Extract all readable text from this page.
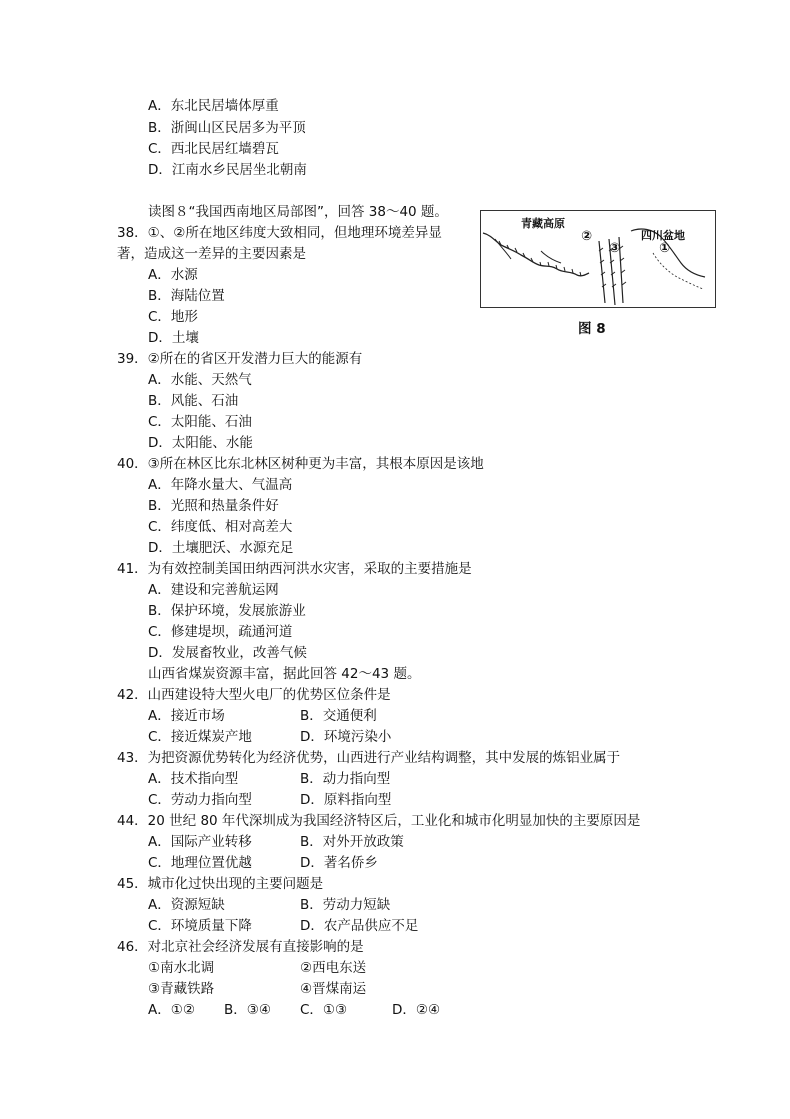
A．东北民居墙体厚重
B．浙闽山区民居多为平顶
C．西北民居红墙碧瓦
D．江南水乡民居坐北朝南
读图８“我国西南地区局部图”，回答 38～40 题。
青藏高原
②
③
四川盆地
①
图 8
38．①、②所在地区纬度大致相同，但地理环境差异显
著，造成这一差异的主要因素是
A．水源
B．海陆位置
C．地形
D．土壤
39．②所在的省区开发潜力巨大的能源有
A．水能、天然气
B．风能、石油
C．太阳能、石油
D．太阳能、水能
40．③所在林区比东北林区树种更为丰富，其根本原因是该地
A．年降水量大、气温高
B．光照和热量条件好
C．纬度低、相对高差大
D．土壤肥沃、水源充足
41．为有效控制美国田纳西河洪水灾害，采取的主要措施是
A．建设和完善航运网
B．保护环境，发展旅游业
C．修建堤坝，疏通河道
D．发展畜牧业，改善气候
山西省煤炭资源丰富，据此回答 42～43 题。
42．山西建设特大型火电厂的优势区位条件是
A．接近市场	B．交通便利
C．接近煤炭产地	D．环境污染小
43．为把资源优势转化为经济优势，山西进行产业结构调整，其中发展的炼铝业属于
A．技术指向型	B．动力指向型
C．劳动力指向型	D．原料指向型
44．20 世纪 80 年代深圳成为我国经济特区后，工业化和城市化明显加快的主要原因是
A．国际产业转移	B．对外开放政策
C．地理位置优越	D．著名侨乡
45．城市化过快出现的主要问题是
A．资源短缺	B．劳动力短缺
C．环境质量下降	D．农产品供应不足
46．对北京社会经济发展有直接影响的是
①南水北调	②西电东送
③青藏铁路	④晋煤南运
A．①② B．③④ C．①③	D．②④
